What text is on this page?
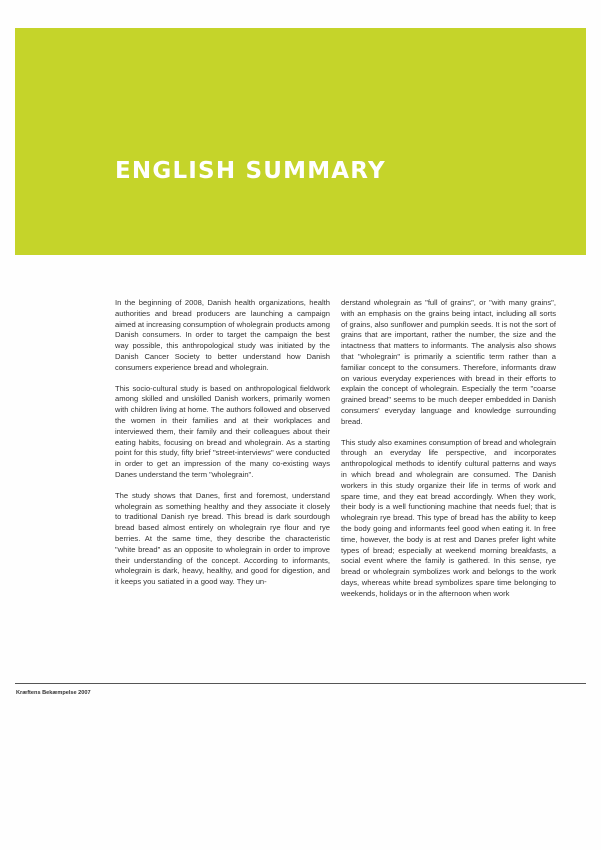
ENGLISH SUMMARY

In the beginning of 2008, Danish health organizations, health authorities and bread producers are launching a campaign aimed at increasing consumption of wholegrain products among Danish consumers. In order to target the campaign the best way possible, this anthropological study was initiated by the Danish Cancer Society to better understand how Danish consumers experience bread and wholegrain.

This socio-cultural study is based on anthropological fieldwork among skilled and unskilled Danish workers, primarily women with children living at home. The authors followed and observed the women in their families and at their workplaces and interviewed them, their family and their colleagues about their eating habits, focusing on bread and wholegrain. As a starting point for this study, fifty brief "street-interviews" were conducted in order to get an impression of the many co-existing ways Danes understand the term "wholegrain".

The study shows that Danes, first and foremost, understand wholegrain as something healthy and they associate it closely to traditional Danish rye bread. This bread is dark sourdough bread based almost entirely on wholegrain rye flour and rye berries. At the same time, they describe the characteristic "white bread" as an opposite to wholegrain in order to improve their understanding of the concept. According to informants, wholegrain is dark, heavy, healthy, and good for digestion, and it keeps you satiated in a good way. They un-

derstand wholegrain as "full of grains", or "with many grains", with an emphasis on the grains being intact, including all sorts of grains, also sunflower and pumpkin seeds. It is not the sort of grains that are important, rather the number, the size and the intactness that matters to informants. The analysis also shows that "wholegrain" is primarily a scientific term rather than a familiar concept to the consumers. Therefore, informants draw on various everyday experiences with bread in their efforts to explain the concept of wholegrain. Especially the term "coarse grained bread" seems to be much deeper embedded in Danish consumers' everyday language and knowledge surrounding bread.

This study also examines consumption of bread and wholegrain through an everyday life perspective, and incorporates anthropological methods to identify cultural patterns and ways in which bread and wholegrain are consumed. The Danish workers in this study organize their life in terms of work and spare time, and they eat bread accordingly. When they work, their body is a well functioning machine that needs fuel; that is wholegrain rye bread. This type of bread has the ability to keep the body going and informants feel good when eating it. In free time, however, the body is at rest and Danes prefer light white types of bread; especially at weekend morning breakfasts, a social event where the family is gathered. In this sense, rye bread or wholegrain symbolizes work and belongs to the work days, whereas white bread symbolizes spare time belonging to weekends, holidays or in the afternoon when work

Kræftens Bekæmpelse 2007
